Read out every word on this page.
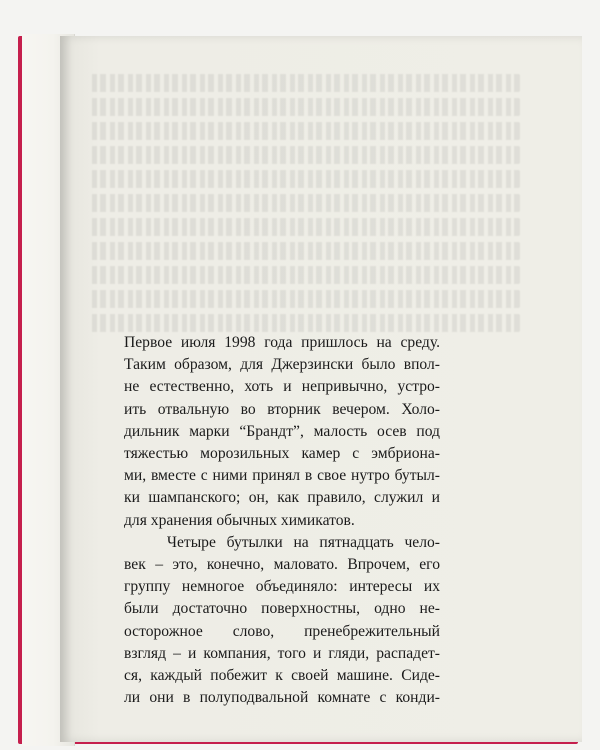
Первое июля 1998 года пришлось на среду.
Таким образом, для Джерзински было впол-
не естественно, хоть и непривычно, устро-
ить отвальную во вторник вечером. Холо-
дильник марки “Брандт”, малость осев под
тяжестью морозильных камер с эмбриона-
ми, вместе с ними принял в свое нутро бутыл-
ки шампанского; он, как правило, служил и
для хранения обычных химикатов.
Четыре бутылки на пятнадцать чело-
век – это, конечно, маловато. Впрочем, его
группу немногое объединяло: интересы их
были достаточно поверхностны, одно не-
осторожное слово, пренебрежительный
взгляд – и компания, того и гляди, распадет-
ся, каждый побежит к своей машине. Сиде-
ли они в полуподвальной комнате с конди-
